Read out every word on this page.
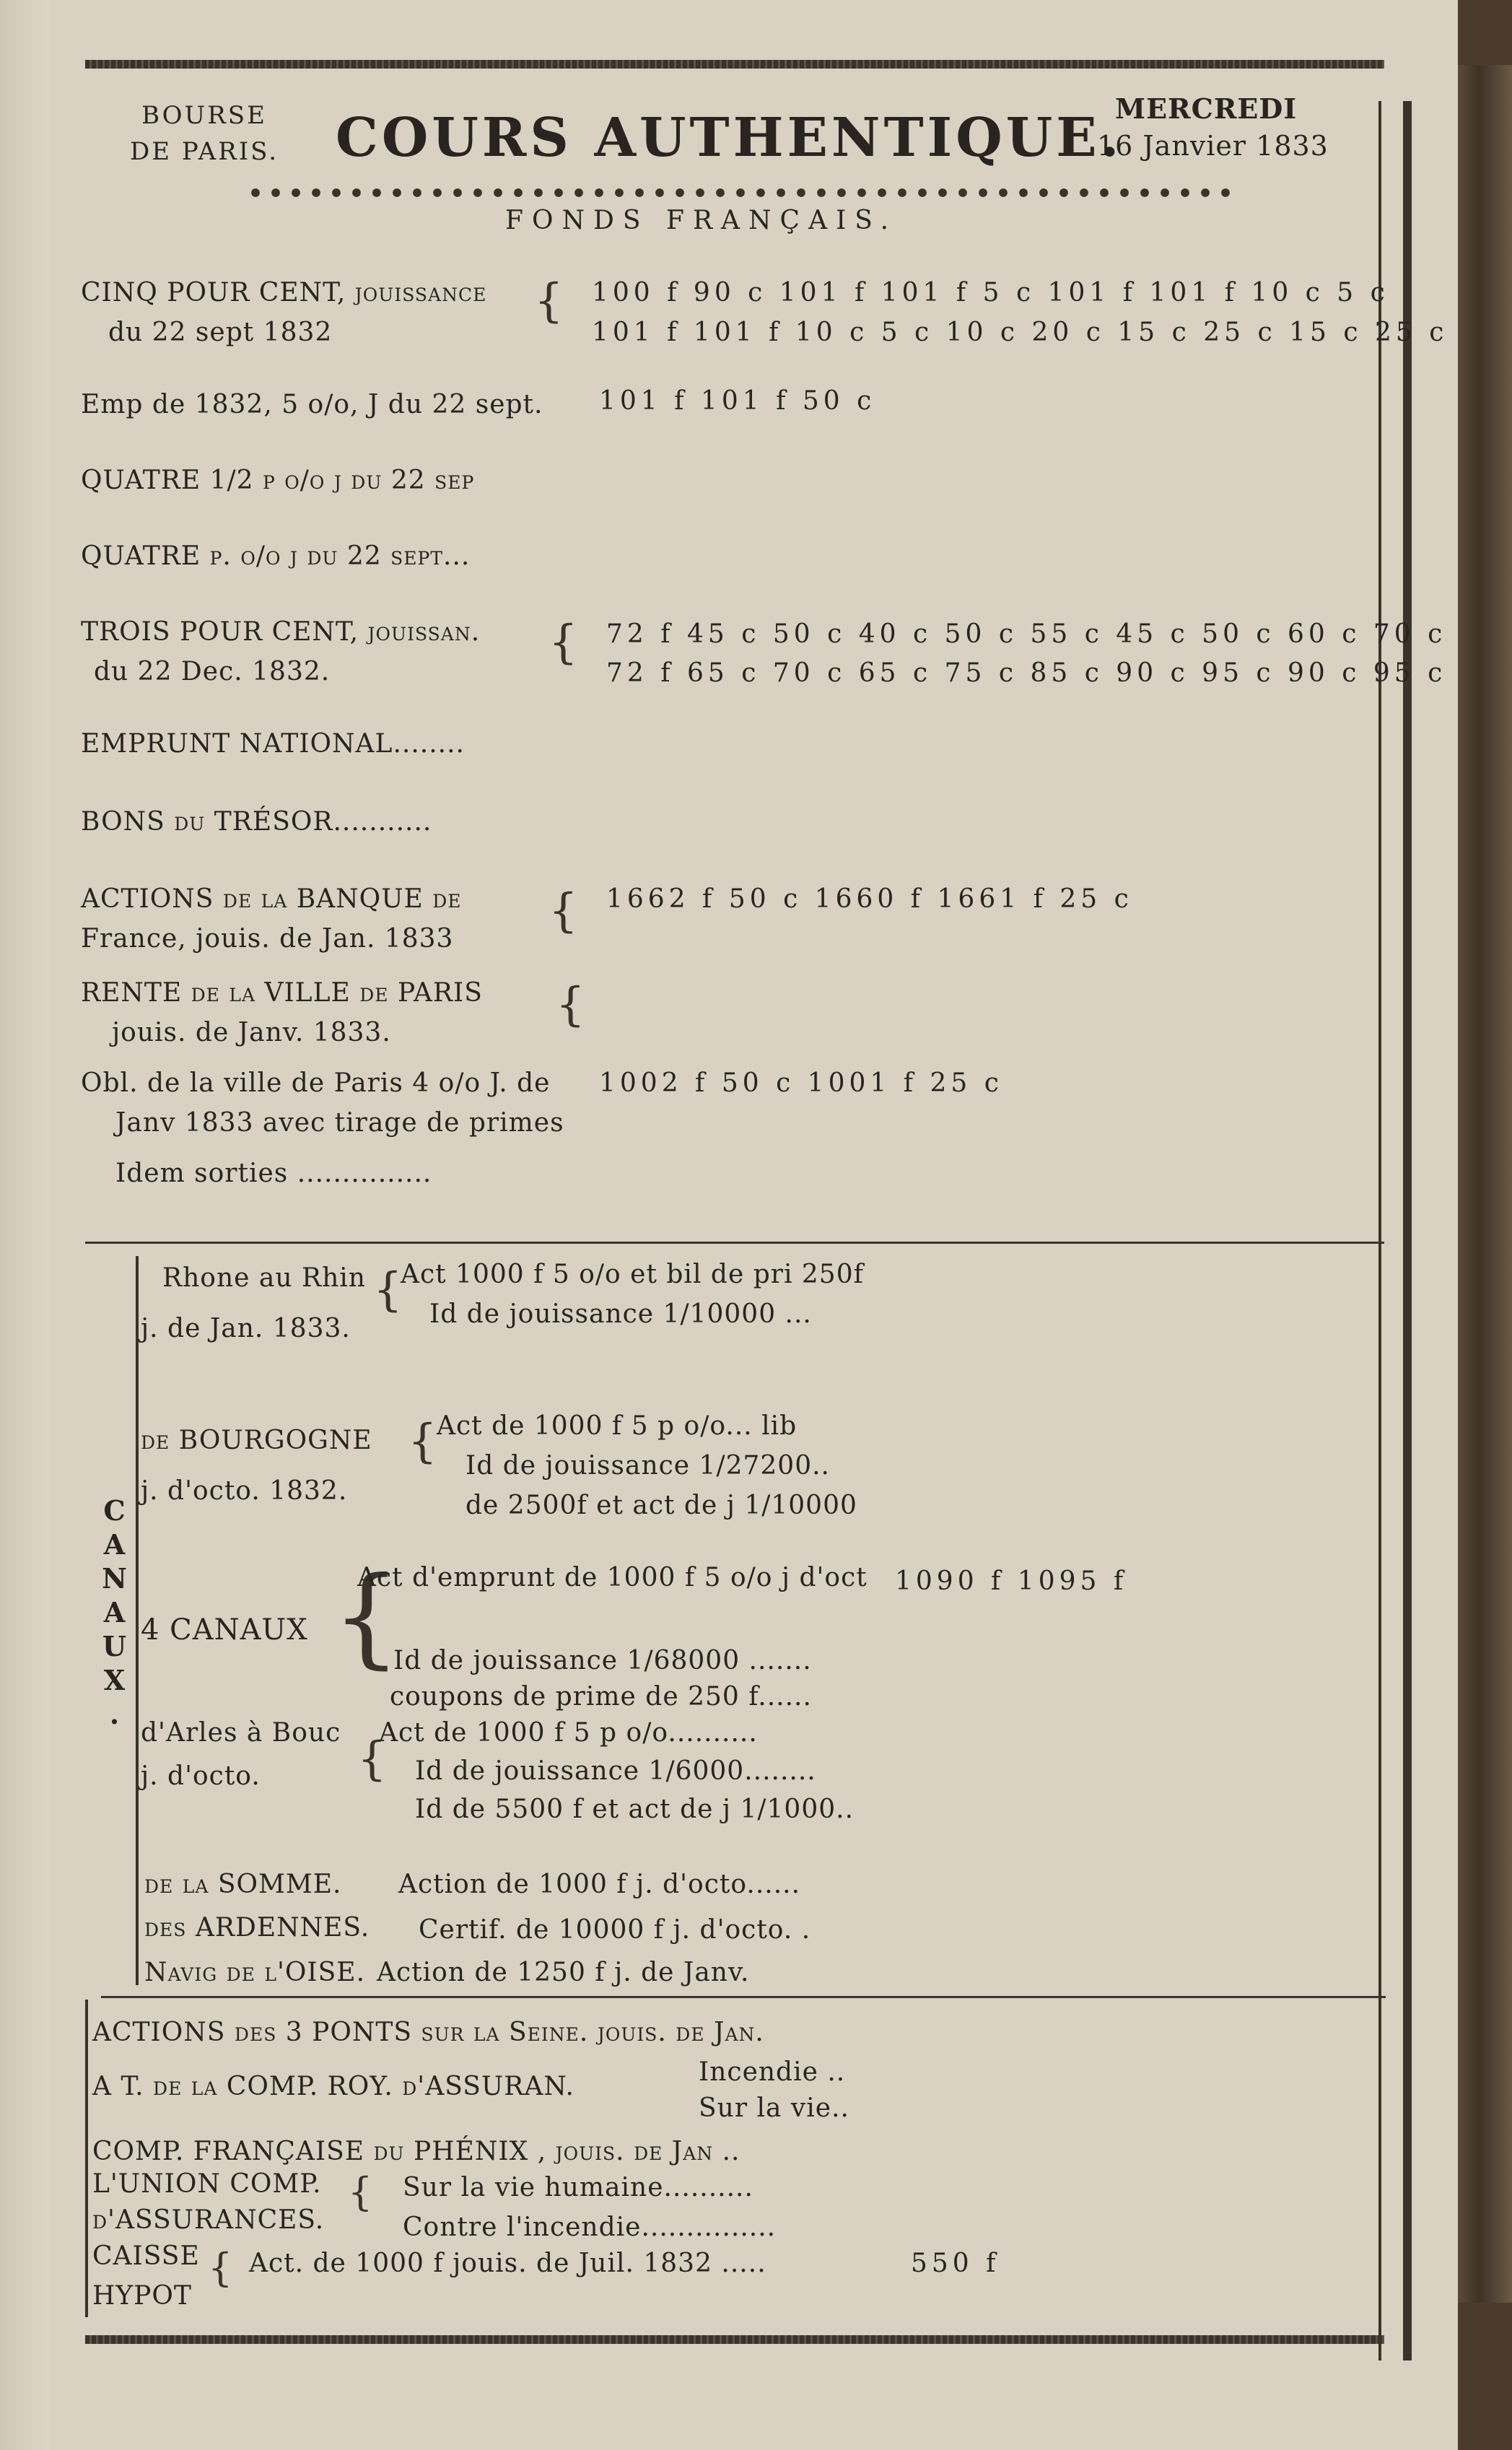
BOURSE
DE PARIS. COURS AUTHENTIQUE.
MERCREDI
16 Janvier 1833
FONDS FRANÇAIS.
CINQ POUR CENT, jouissance
du 22 sept 1832
{ 100 f 90 c 101 f 101 f 5 c 101 f 101 f 10 c 5 c
101 f 101 f 10 c 5 c 10 c 20 c 15 c 25 c 15 c 25 c
Emp de 1832, 5 o/o, J du 22 sept. 101 f 101 f 50 c
QUATRE 1/2 p o/o j du 22 sep
QUATRE p. o/o j du 22 sept...
TROIS POUR CENT, jouissan.
du 22 Dec. 1832.
{ 72 f 45 c 50 c 40 c 50 c 55 c 45 c 50 c 60 c 70 c
72 f 65 c 70 c 65 c 75 c 85 c 90 c 95 c 90 c 95 c
EMPRUNT NATIONAL........
BONS du TRÉSOR...........
ACTIONS de la BANQUE de
France, jouis. de Jan. 1833
{ 1662 f 50 c 1660 f 1661 f 25 c
RENTE de la VILLE de PARIS
jouis. de Janv. 1833.
{
Obl. de la ville de Paris 4 o/o J. de
Janv 1833 avec tirage de primes
Idem sorties ...............
1002 f 50 c 1001 f 25 c
CANAUX.
Rhone au Rhin
j. de Jan. 1833.
{
Act 1000 f 5 o/o et bil de pri 250f
Id de jouissance 1/10000 ...
de BOURGOGNE
j. d'octo. 1832.
{ Act de 1000 f 5 p o/o... lib
Id de jouissance 1/27200..
de 2500f et act de j 1/10000
4 CANAUX {
Act d'emprunt de 1000 f 5 o/o j d'oct
Id de jouissance 1/68000 .......
coupons de prime de 250 f......
1090 f 1095 f
d'Arles à Bouc
j. d'octo. {
Act de 1000 f 5 p o/o..........
Id de jouissance 1/6000........
Id de 5500 f et act de j 1/1000..
de la SOMME. Action de 1000 f j. d'octo......
des ARDENNES. Certif. de 10000 f j. d'octo. .
Navig de l'OISE. Action de 1250 f j. de Janv.
ACTIONS des 3 PONTS sur la Seine. jouis. de Jan.
A T. de la COMP. ROY. d'ASSURAN.	Incendie ..
Sur la vie..
COMP. FRANÇAISE du PHÉNIX , jouis. de Jan ..
L'UNION COMP.
d'ASSURANCES.
{ Sur la vie humaine..........
Contre l'incendie...............
CAISSE
HYPOT
{ Act. de 1000 f jouis. de Juil. 1832 .....	550 f
